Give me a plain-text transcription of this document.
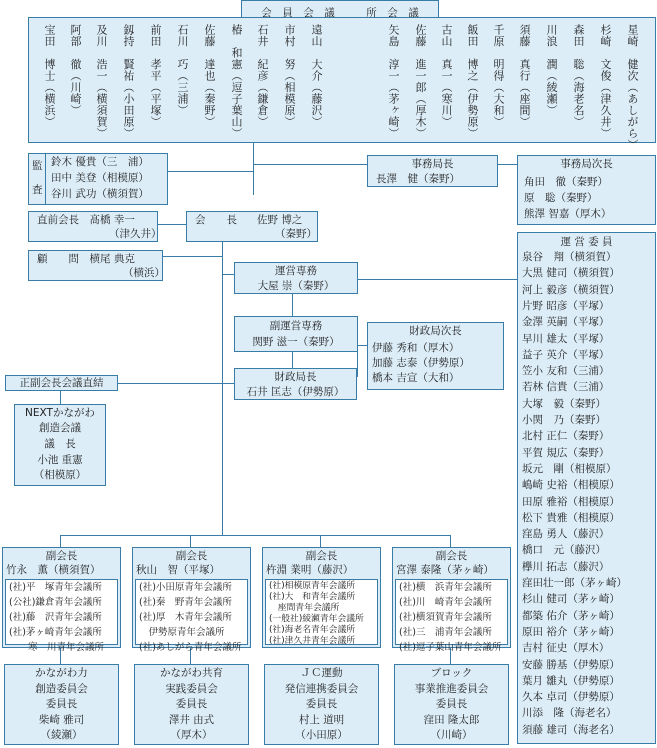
会　員　会　議　　　所　会　議
宝田　博士（横浜） 阿部　徹（川崎） 及川　浩一（横須賀） 釼持　賢祐（小田原） 前田　孝平（平塚） 石川　巧（三浦） 佐藤　達也（秦野） 椿　和憲（逗子葉山） 石井　紀彦（鎌倉） 市村　努（相模原） 遠山　大介（藤沢）	矢島　淳一（茅ヶ崎） 佐藤　進一郎（厚木） 古山　真一（寒川） 飯田　博之（伊勢原） 千原　明得（大和） 須藤　真行（座間） 川浪　潤（綾瀬） 森田　聡（海老名） 杉崎　文俊（津久井） 星崎　健次（あしがら）
監
査
鈴木 優貴（三　浦）
田中 美登（相模原）
谷川 武功（横須賀）
直前会長　髙橋 幸一
（津久井）
会　　長 佐野 博之
（秦野）
顧　　問　横尾 典克
（横浜）
事務局長
長澤　健（秦野）
事務局次長
角田　徹（秦野）
原　聡（秦野）
熊澤 智嘉（厚木）
運営専務
大屋 崇（秦野）
副運営専務
関野 滋一（秦野）
財政局次長
伊藤 秀和（厚木）
加藤 志泰（伊勢原）
橋本 吉宣（大和）
財政局長
石井 匡志（伊勢原）
正副会長会議直結
NEXTかながわ
創造会議
議　長
小池 重憲
（相模原）
運 営 委 員
泉谷　翔（横須賀）
大黒 健司（横須賀）
河上 毅彦（横須賀）
片野 昭彦（平塚）
金澤 英嗣（平塚）
早川 雄太（平塚）
益子 英介（平塚）
笠小 友和（三浦）
若林 信貴（三浦）
大塚　毅（秦野）
小関　乃（秦野）
北村 正仁（秦野）
平賀 規広（秦野）
坂元　剛（相模原）
嶋崎 史裕（相模原）
田原 雅裕（相模原）
松下 貴雅（相模原）
窪島 勇人（藤沢）
橋口　元（藤沢）
欅川 拓志（藤沢）
窪田壮一郎（茅ヶ崎）
杉山 健司（茅ヶ崎）
都築 佑介（茅ヶ崎）
原田 裕介（茅ヶ崎）
吉村 征史（厚木）
安藤 勝基（伊勢原）
葉月 雛丸（伊勢原）
久本 卓司（伊勢原）
川添　隆（海老名）
須藤 雄司（海老名）
副会長
竹永　薫（横須賀）
(社)平　塚青年会議所
(公社)鎌倉青年会議所
(社)藤　沢青年会議所
(社)茅ヶ崎青年会議所
　　寒　川青年会議所
かながわ力
創造委員会
委員長
柴崎 雅司
（綾瀬）
副会長
秋山　智（平塚）
(社)小田原青年会議所
(社)秦　野青年会議所
(社)厚　木青年会議所
　伊勢原青年会議所
(社)あしがら青年会議所
かながわ共育
実践委員会
委員長
澤井 由式
（厚木）
副会長
杵淵 業明（藤沢）
(社)相模原青年会議所
(社)大　和青年会議所
　座間青年会議所
(一般社)綾瀬青年会議所
(社)海老名青年会議所
(社)津久井青年会議所
ＪＣ運動
発信連携委員会
委員長
村上 道明
（小田原）
副会長
宮澤 泰隆（茅ヶ崎）
(社)横　浜青年会議所
(社)川　崎青年会議所
(社)横須賀青年会議所
(社)三　浦青年会議所
(社)逗子葉山青年会議所
ブロック
事業推進委員会
委員長
窪田 隆太郎
（川崎）
